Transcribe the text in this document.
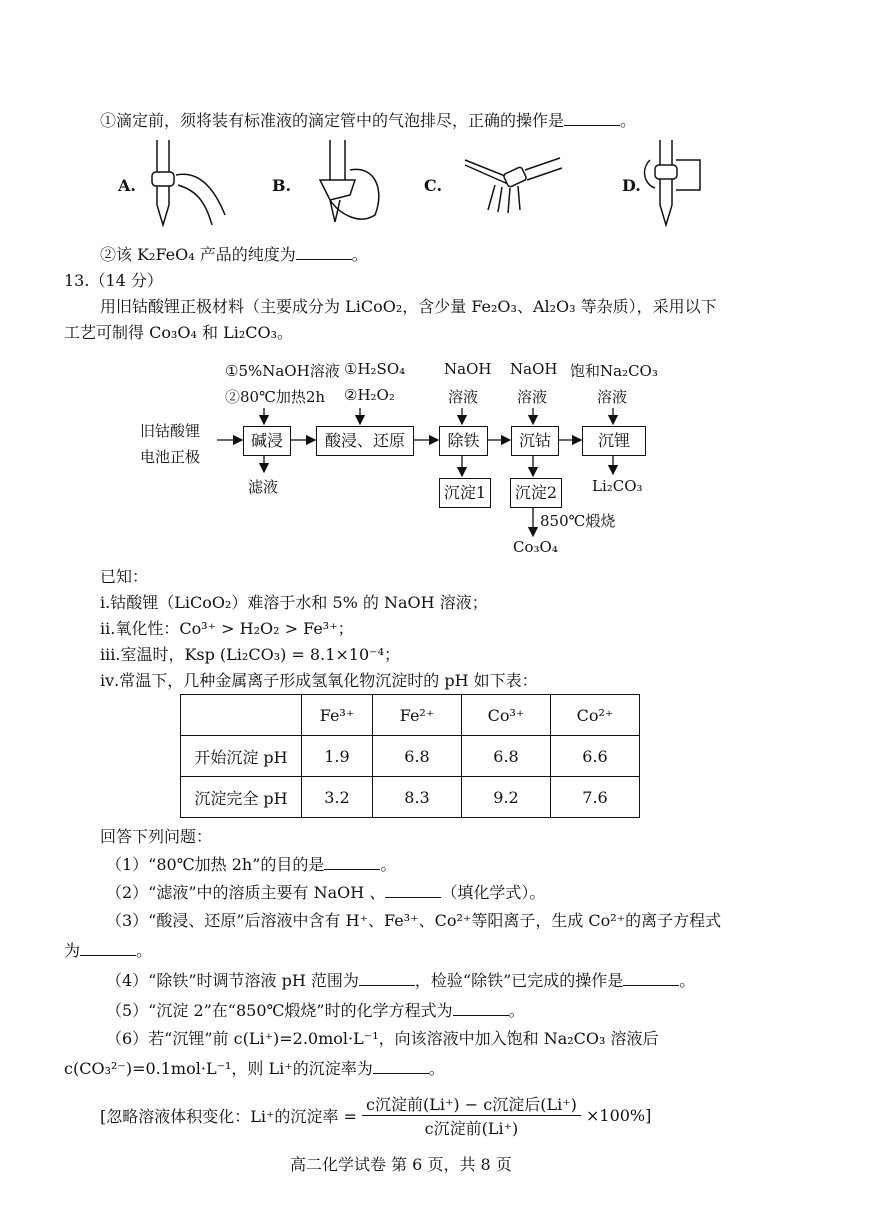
①滴定前，须将装有标准液的滴定管中的气泡排尽，正确的操作是	。
A.	B.	C.	D.
②该 K₂FeO₄ 产品的纯度为	。
13.（14 分）
用旧钴酸锂正极材料（主要成分为 LiCoO₂，含少量 Fe₂O₃、Al₂O₃ 等杂质），采用以下
工艺可制得 Co₃O₄ 和 Li₂CO₃。
旧钴酸锂
电池正极
碱浸	酸浸、还原	除铁	沉钴	沉锂
①5%NaOH溶液
②80℃加热2h
①H₂SO₄
②H₂O₂
NaOH
溶液
NaOH
溶液
饱和Na₂CO₃
溶液
滤液	沉淀1	沉淀2	Li₂CO₃
850℃煅烧
Co₃O₄
已知：
ⅰ.钴酸锂（LiCoO₂）难溶于水和 5% 的 NaOH 溶液；
ⅱ.氧化性：Co³⁺ > H₂O₂ > Fe³⁺；
ⅲ.室温时，Ksp (Li₂CO₃) = 8.1×10⁻⁴；
ⅳ.常温下，几种金属离子形成氢氧化物沉淀时的 pH 如下表：
	Fe³⁺	Fe²⁺	Co³⁺	Co²⁺
开始沉淀 pH	1.9	6.8	6.8	6.6
沉淀完全 pH	3.2	8.3	9.2	7.6
回答下列问题：
（1）“80℃加热 2h”的目的是	。
（2）“滤液”中的溶质主要有 NaOH 、	（填化学式）。
（3）“酸浸、还原”后溶液中含有 H⁺、Fe³⁺、Co²⁺等阳离子，生成 Co²⁺的离子方程式
为	。
（4）“除铁”时调节溶液 pH 范围为	，检验“除铁”已完成的操作是	。
（5）“沉淀 2”在“850℃煅烧”时的化学方程式为	。
（6）若“沉锂”前 c(Li⁺)=2.0mol·L⁻¹，向该溶液中加入饱和 Na₂CO₃ 溶液后
c(CO₃²⁻)=0.1mol·L⁻¹，则 Li⁺的沉淀率为	。
[忽略溶液体积变化：Li⁺的沉淀率 = $\frac{\text{c沉淀前(Li⁺) − c沉淀后(Li⁺)}}{\text{c沉淀前(Li⁺)}} \times 100\%$]
高二化学试卷 第 6 页，共 8 页
